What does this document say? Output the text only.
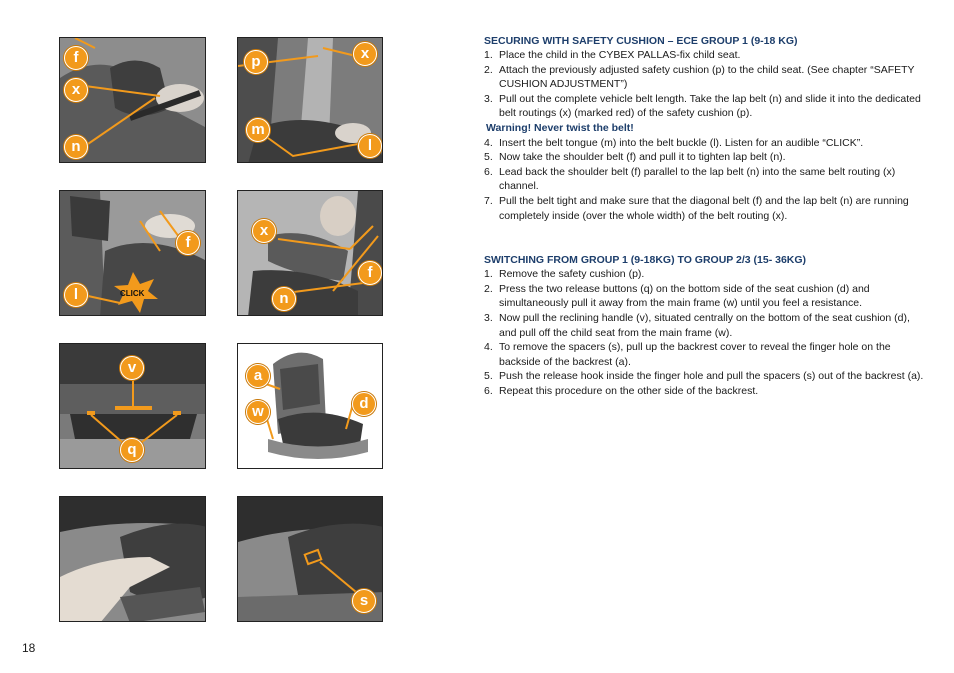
f
x
n
p	x
m
l
CLICK
f
l
x
f
n
v
q
a
w	d
s
SECURING WITH SAFETY CUSHION – ECE GROUP 1 (9-18 KG)
1. Place the child in the CYBEX PALLAS-fix child seat.
2. Attach the previously adjusted safety cushion (p) to the child seat. (See chapter “SAFETY CUSHION ADJUSTMENT”)
3. Pull out the complete vehicle belt length. Take the lap belt (n) and slide it into the dedicated belt routings (x) (marked red) of the safety cushion (p).
Warning! Never twist the belt!
4. Insert the belt tongue (m) into the belt buckle (l). Listen for an audible “CLICK”.
5. Now take the shoulder belt (f) and pull it to tighten lap belt (n).
6. Lead back the shoulder belt (f) parallel to the lap belt (n) into the same belt routing (x) channel.
7. Pull the belt tight and make sure that the diagonal belt (f) and the lap belt (n) are running completely inside (over the whole width) of the belt routing (x).
SWITCHING FROM GROUP 1 (9-18KG) TO GROUP 2/3 (15- 36KG)
1. Remove the safety cushion (p).
2. Press the two release buttons (q) on the bottom side of the seat cushion (d) and simultaneously pull it away from the main frame (w) until you feel a resistance.
3. Now pull the reclining handle (v), situated centrally on the bottom of the seat cushion (d), and pull off the child seat from the main frame (w).
4. To remove the spacers (s), pull up the backrest cover to reveal the finger hole on the backside of the backrest (a).
5. Push the release hook inside the finger hole and pull the spacers (s) out of the backrest (a).
6. Repeat this procedure on the other side of the backrest.
18
